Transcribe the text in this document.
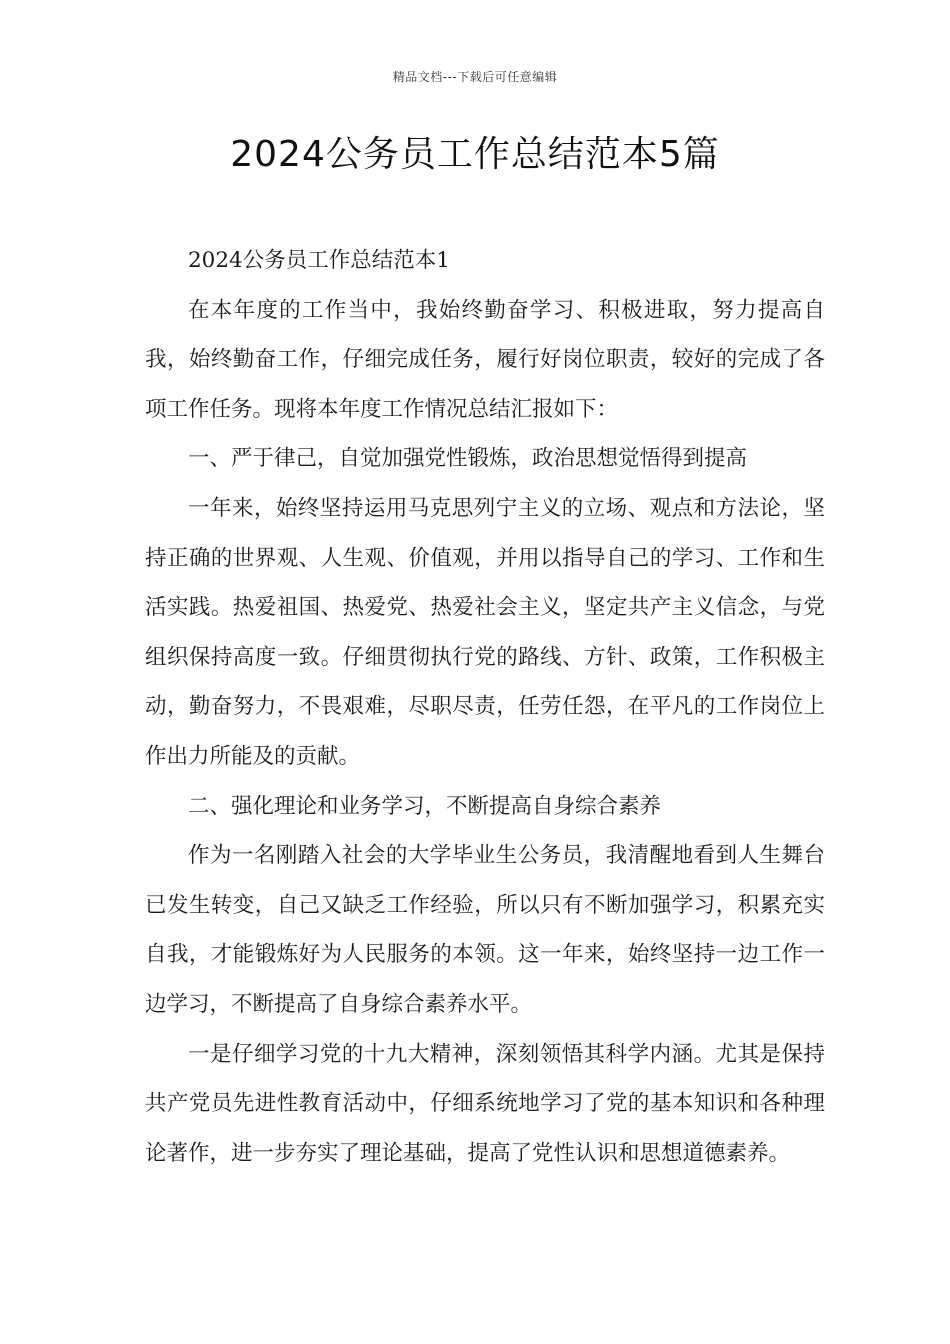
精品文档---下载后可任意编辑
2024公务员工作总结范本5篇

2024公务员工作总结范本1

在本年度的工作当中，我始终勤奋学习、积极进取，努力提高自我，始终勤奋工作，仔细完成任务，履行好岗位职责，较好的完成了各项工作任务。现将本年度工作情况总结汇报如下：

一、严于律己，自觉加强党性锻炼，政治思想觉悟得到提高

一年来，始终坚持运用马克思列宁主义的立场、观点和方法论，坚持正确的世界观、人生观、价值观，并用以指导自己的学习、工作和生活实践。热爱祖国、热爱党、热爱社会主义，坚定共产主义信念，与党组织保持高度一致。仔细贯彻执行党的路线、方针、政策，工作积极主动，勤奋努力，不畏艰难，尽职尽责，任劳任怨，在平凡的工作岗位上作出力所能及的贡献。

二、强化理论和业务学习，不断提高自身综合素养

作为一名刚踏入社会的大学毕业生公务员，我清醒地看到人生舞台已发生转变，自己又缺乏工作经验，所以只有不断加强学习，积累充实自我，才能锻炼好为人民服务的本领。这一年来，始终坚持一边工作一边学习，不断提高了自身综合素养水平。

一是仔细学习党的十九大精神，深刻领悟其科学内涵。尤其是保持共产党员先进性教育活动中，仔细系统地学习了党的基本知识和各种理论著作，进一步夯实了理论基础，提高了党性认识和思想道德素养。
